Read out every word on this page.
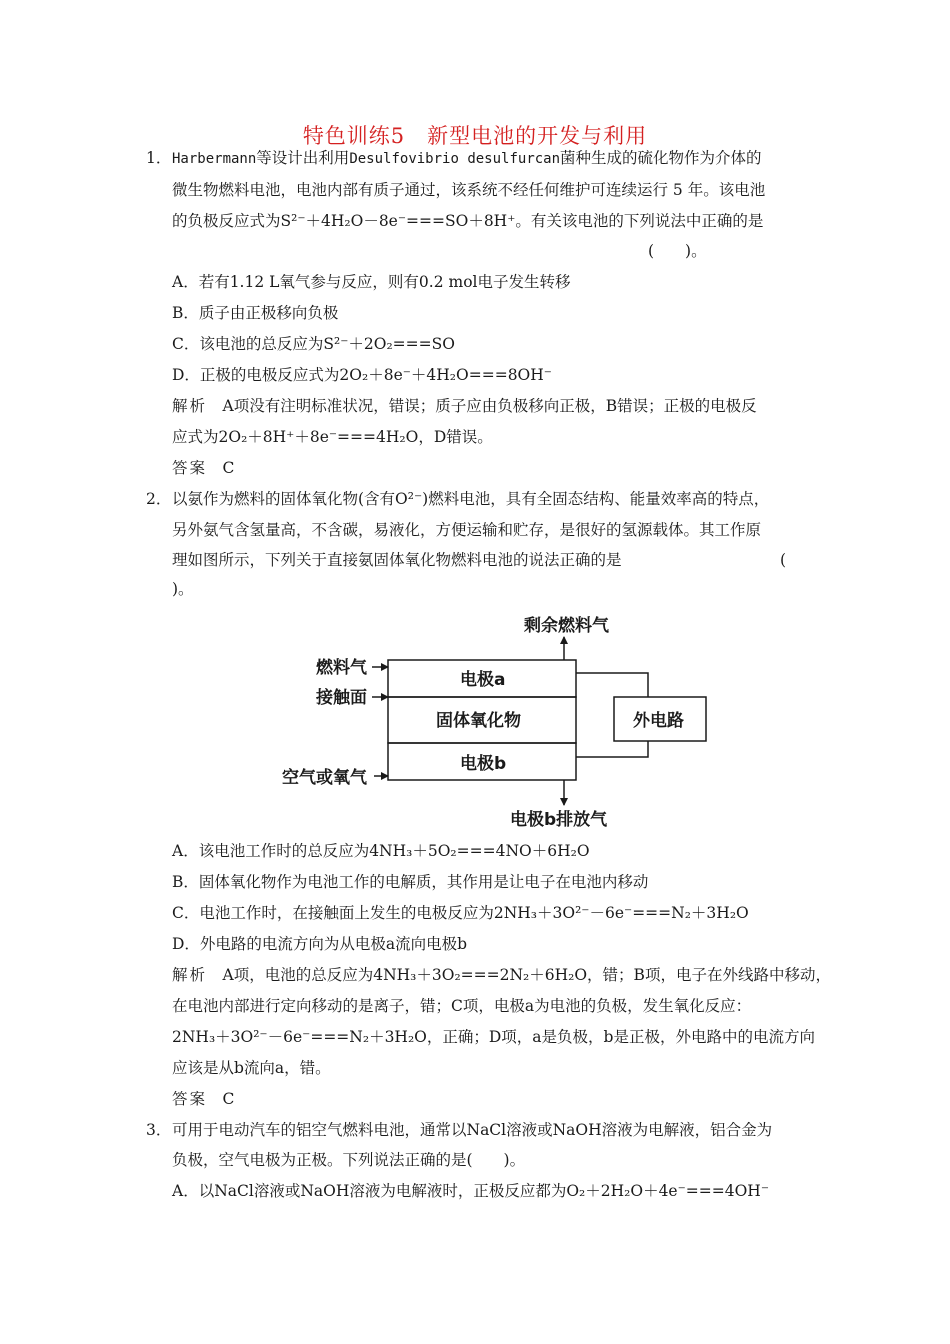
特色训练5　新型电池的开发与利用
1． Harbermann等设计出利用Desulfovibrio desulfurcan菌种生成的硫化物作为介体的
微生物燃料电池，电池内部有质子通过，该系统不经任何维护可连续运行 5 年。该电池
的负极反应式为S²⁻＋4H₂O－8e⁻===SO＋8H⁺。有关该电池的下列说法中正确的是
(　　)。
A．若有1.12 L氧气参与反应，则有0.2 mol电子发生转移
B．质子由正极移向负极
C．该电池的总反应为S²⁻＋2O₂===SO
D．正极的电极反应式为2O₂＋8e⁻＋4H₂O===8OH⁻
解析　 A项没有注明标准状况，错误；质子应由负极移向正极，B错误；正极的电极反
应式为2O₂＋8H⁺＋8e⁻===4H₂O，D错误。
答案　 C
2． 以氨作为燃料的固体氧化物(含有O²⁻)燃料电池，具有全固态结构、能量效率高的特点，
另外氨气含氢量高，不含碳，易液化，方便运输和贮存，是很好的氢源载体。其工作原
理如图所示，下列关于直接氨固体氧化物燃料电池的说法正确的是	(
)。
剩余燃料气
燃料气
接触面
空气或氧气
电极a
固体氧化物
电极b
外电路
电极b排放气
A．该电池工作时的总反应为4NH₃＋5O₂===4NO＋6H₂O
B．固体氧化物作为电池工作的电解质，其作用是让电子在电池内移动
C．电池工作时，在接触面上发生的电极反应为2NH₃＋3O²⁻－6e⁻===N₂＋3H₂O
D．外电路的电流方向为从电极a流向电极b
解析　 A项，电池的总反应为4NH₃＋3O₂===2N₂＋6H₂O，错；B项，电子在外线路中移动，
在电池内部进行定向移动的是离子，错；C项，电极a为电池的负极，发生氧化反应：
2NH₃＋3O²⁻－6e⁻===N₂＋3H₂O，正确；D项，a是负极，b是正极，外电路中的电流方向
应该是从b流向a，错。
答案　 C
3． 可用于电动汽车的铝空气燃料电池，通常以NaCl溶液或NaOH溶液为电解液，铝合金为
负极，空气电极为正极。下列说法正确的是(　　)。
A．以NaCl溶液或NaOH溶液为电解液时，正极反应都为O₂＋2H₂O＋4e⁻===4OH⁻
